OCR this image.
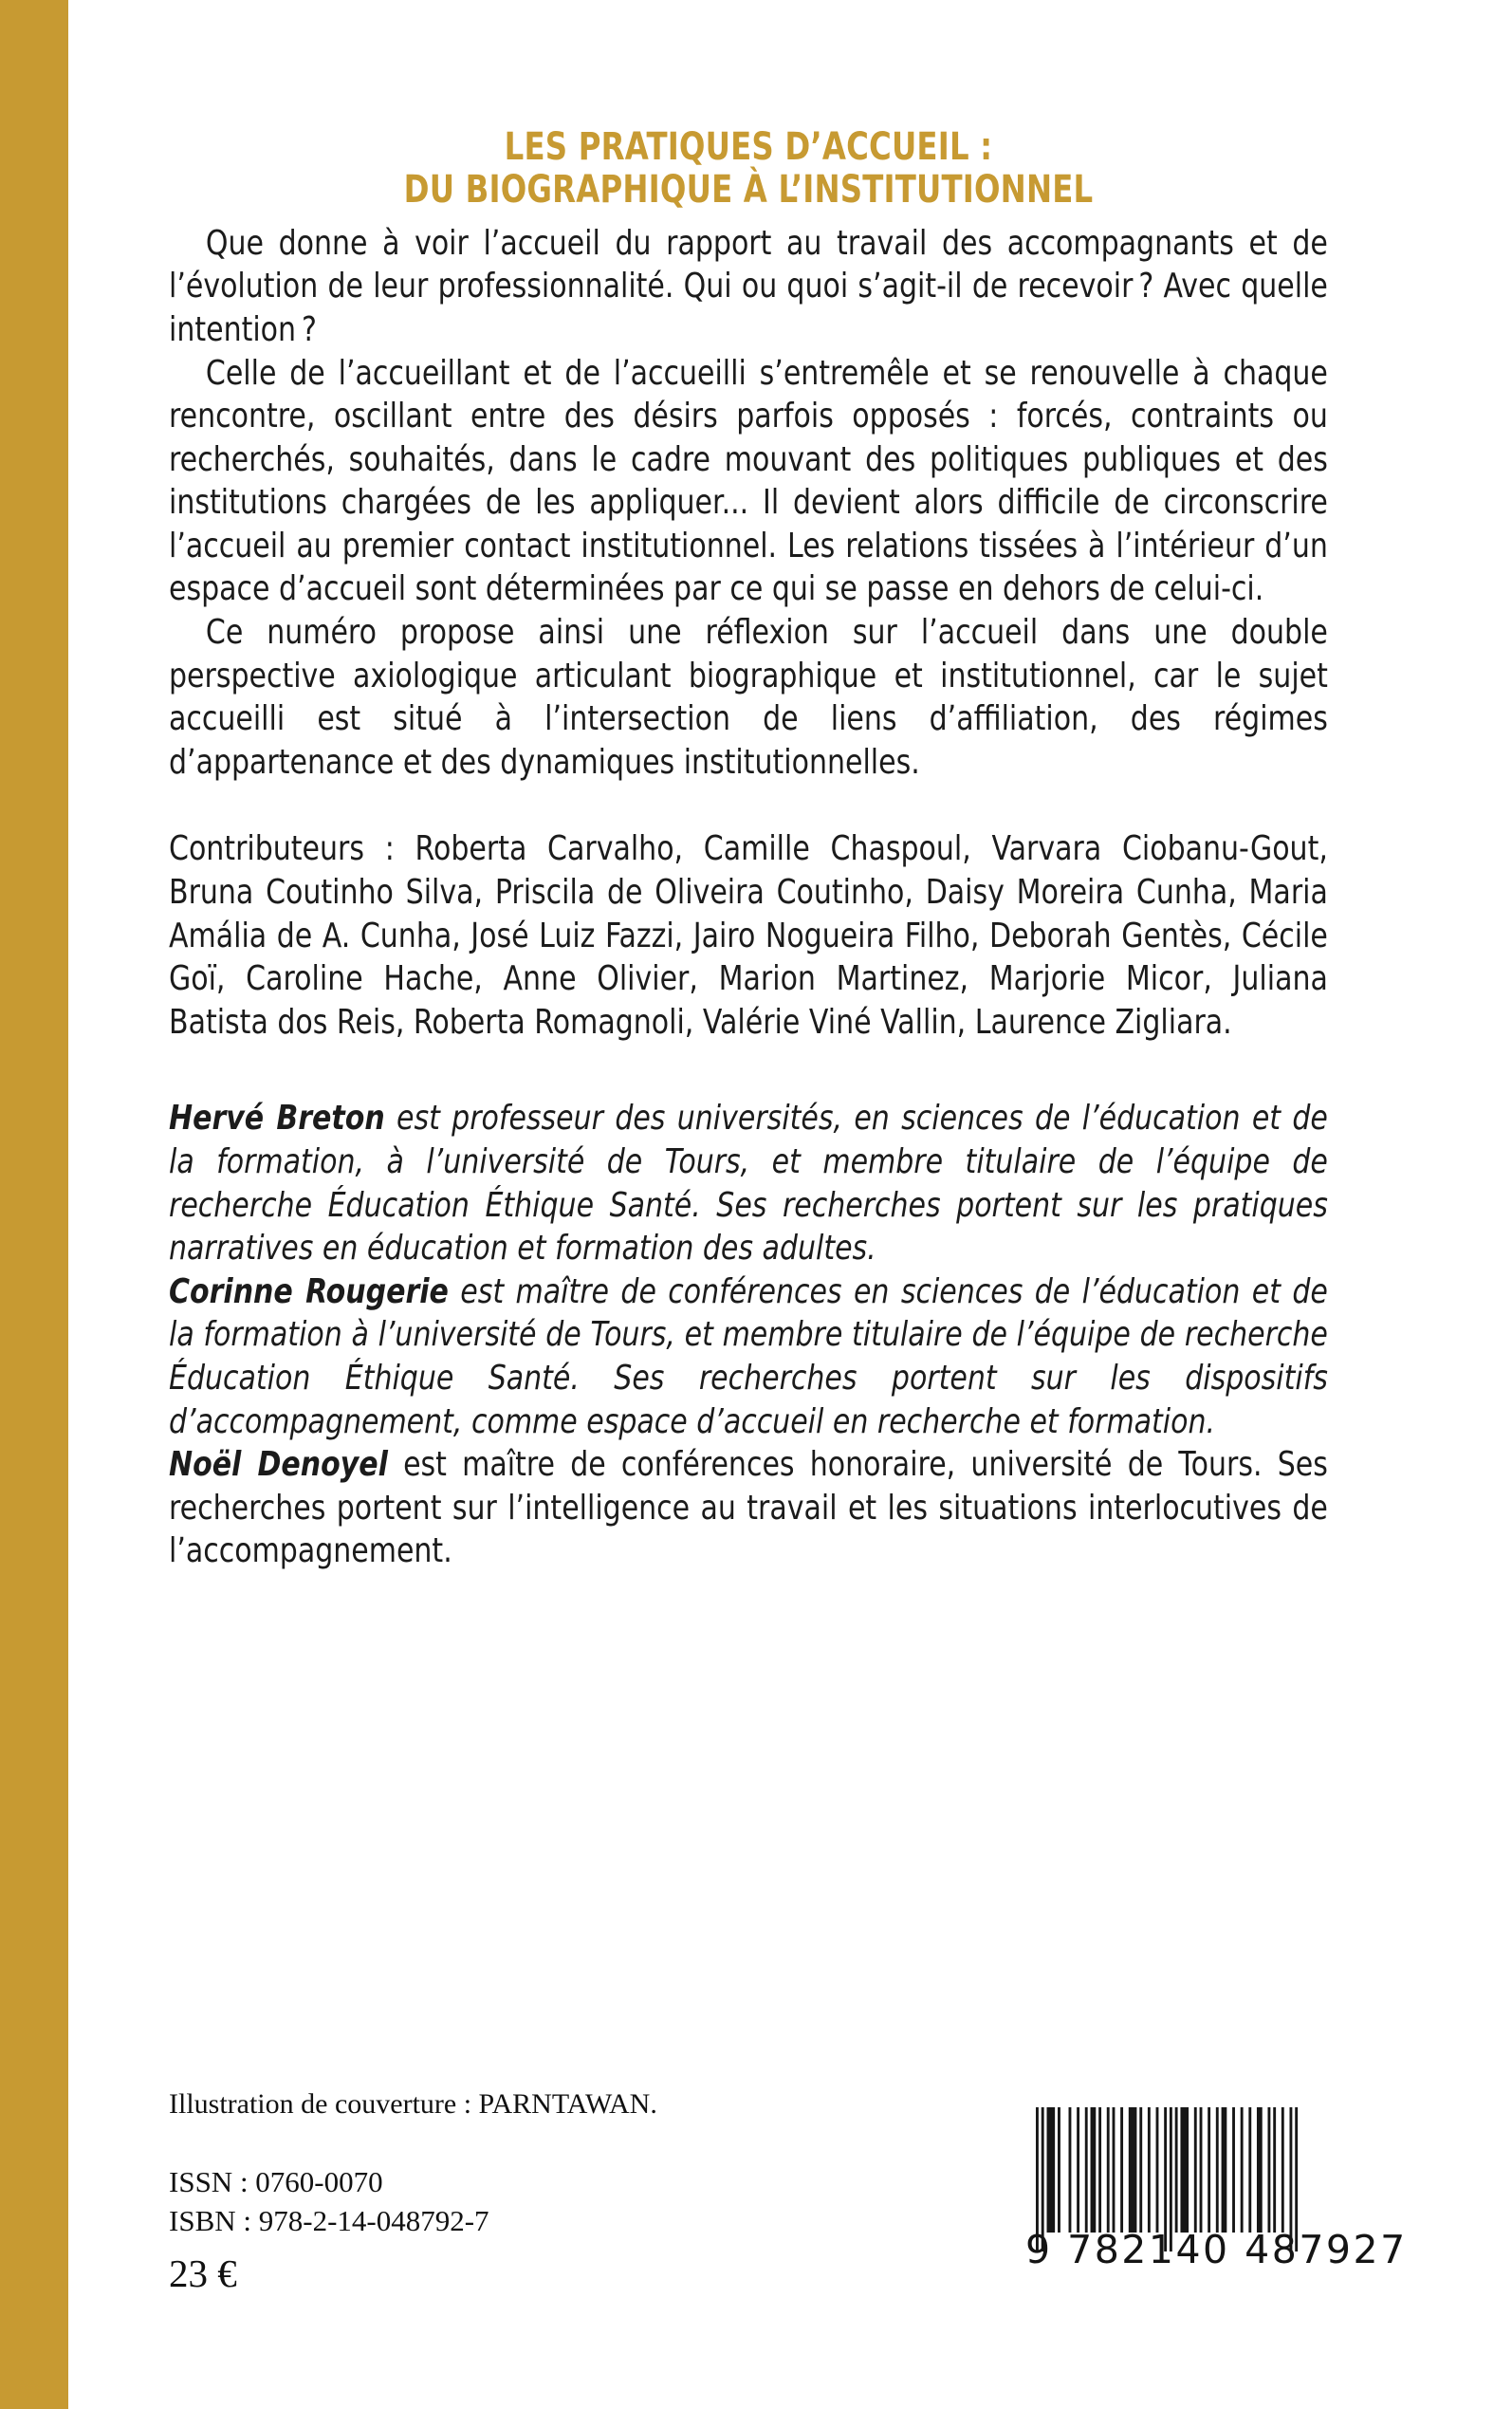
LES PRATIQUES D’ACCUEIL :
DU BIOGRAPHIQUE À L’INSTITUTIONNEL

Que donne à voir l’accueil du rapport au travail des accompagnants et de l’évolution de leur professionnalité. Qui ou quoi s’agit-il de recevoir ? Avec quelle intention ?

Celle de l’accueillant et de l’accueilli s’entremêle et se renouvelle à chaque rencontre, oscillant entre des désirs parfois opposés : forcés, contraints ou recherchés, souhaités, dans le cadre mouvant des politiques publiques et des institutions chargées de les appliquer... Il devient alors difficile de circonscrire l’accueil au premier contact institutionnel. Les relations tissées à l’intérieur d’un espace d’accueil sont déterminées par ce qui se passe en dehors de celui-ci.

Ce numéro propose ainsi une réflexion sur l’accueil dans une double perspective axiologique articulant biographique et institutionnel, car le sujet accueilli est situé à l’intersection de liens d’affiliation, des régimes d’appartenance et des dynamiques institutionnelles.

Contributeurs : Roberta Carvalho, Camille Chaspoul, Varvara Ciobanu-Gout, Bruna Coutinho Silva, Priscila de Oliveira Coutinho, Daisy Moreira Cunha, Maria Amália de A. Cunha, José Luiz Fazzi, Jairo Nogueira Filho, Deborah Gentès, Cécile Goï, Caroline Hache, Anne Olivier, Marion Martinez, Marjorie Micor, Juliana Batista dos Reis, Roberta Romagnoli, Valérie Viné Vallin, Laurence Zigliara.

Hervé Breton est professeur des universités, en sciences de l’éducation et de la formation, à l’université de Tours, et membre titulaire de l’équipe de recherche Éducation Éthique Santé. Ses recherches portent sur les pratiques narratives en éducation et formation des adultes.

Corinne Rougerie est maître de conférences en sciences de l’éducation et de la formation à l’université de Tours, et membre titulaire de l’équipe de recherche Éducation Éthique Santé. Ses recherches portent sur les dispositifs d’accompagnement, comme espace d’accueil en recherche et formation.

Noël Denoyel est maître de conférences honoraire, université de Tours. Ses recherches portent sur l’intelligence au travail et les situations interlocutives de l’accompagnement.

Illustration de couverture : PARNTAWAN.
ISSN : 0760-0070
ISBN : 978-2-14-048792-7
23 €
9 782140 487927
